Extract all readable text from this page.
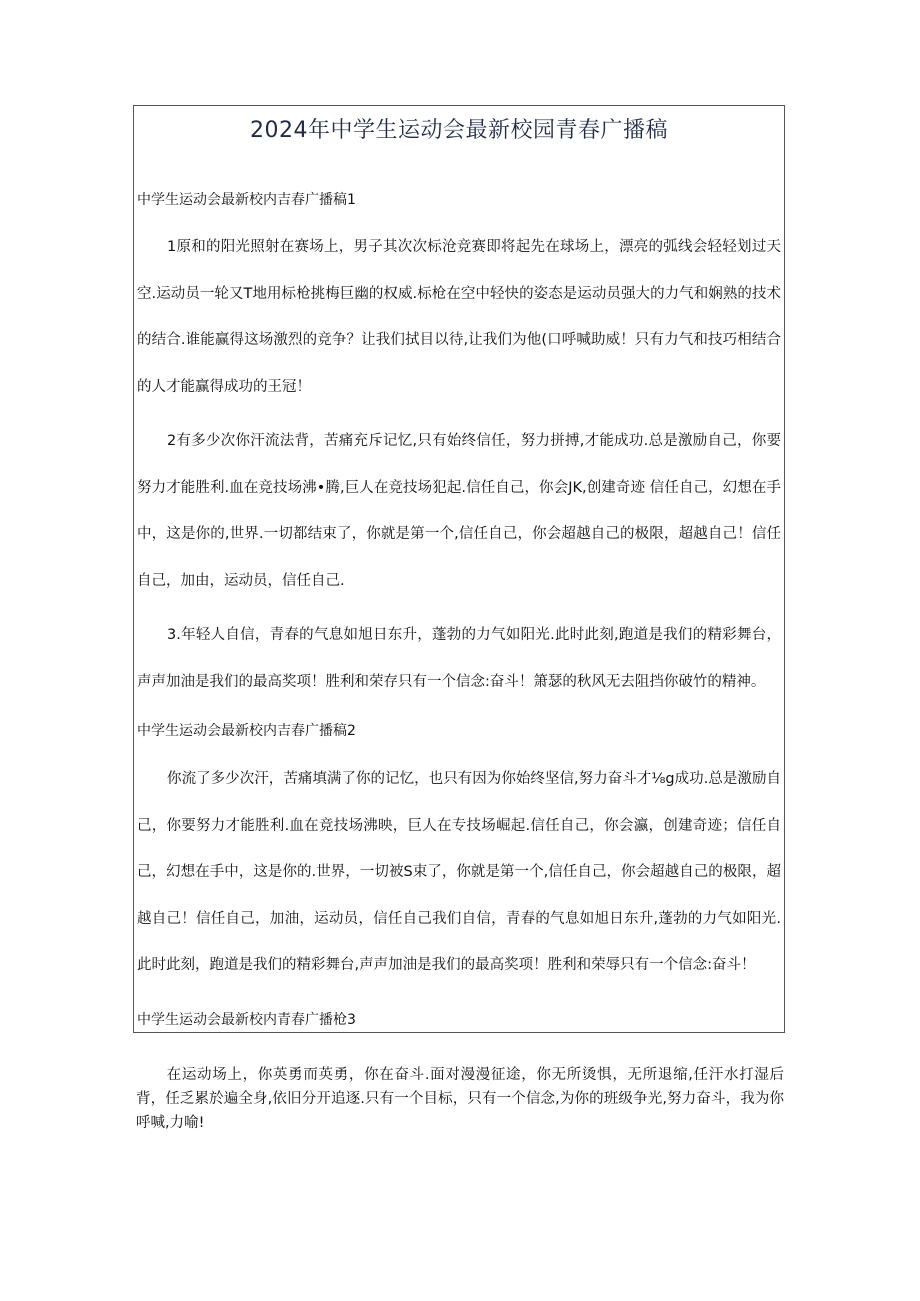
2024年中学生运动会最新校园青春广播稿
中学生运动会最新校内吉春广播稿1

1原和的阳光照射在赛场上，男子其次次标沧竞赛即将起先在球场上，漂亮的弧线会轻轻划过天空.运动员一轮又T地用标枪挑梅巨幽的权威.标枪在空中轻快的姿态是运动员强大的力气和娴熟的技术的结合.谁能赢得这场激烈的竞争？让我们拭目以待,让我们为他(口呼喊助威！只有力气和技巧相结合的人才能赢得成功的王冠！

2有多少次你汗流法背，苦痛充斥记忆,只有始终信任，努力拼搏,才能成功.总是激励自己，你要努力才能胜利.血在竞技场沸•腾,巨人在竞技场犯起.信任自己，你会JK,创建奇迹 信任自己，幻想在手中，这是你的,世界.一切都结束了，你就是第一个,信任自己，你会超越自己的极限，超越自己！信任自己，加由，运动员，信任自己.

3.年轻人自信，青春的气息如旭日东升，蓬勃的力气如阳光.此时此刻,跑道是我们的精彩舞台，声声加油是我们的最高奖项！胜利和荣存只有一个信念:奋斗！箫瑟的秋风无去阻挡你破竹的精神。

中学生运动会最新校内吉春广播稿2

你流了多少次汗，苦痛填满了你的记忆，也只有因为你始终坚信,努力奋斗才⅛g成功.总是激励自己，你要努力才能胜利.血在竞技场沸映，巨人在专技场崛起.信任自己，你会瀛，创建奇迹；信任自己，幻想在手中，这是你的.世界，一切被S束了，你就是第一个,信任自己，你会超越自己的极限，超越自己！信任自己，加油，运动员，信任自己我们自信，青春的气息如旭日东升,蓬勃的力气如阳光.此时此刻，跑道是我们的精彩舞台,声声加油是我们的最高奖项！胜利和荣辱只有一个信念:奋斗！

中学生运动会最新校内青春广播枪3

在运动场上，你英勇而英勇，你在奋斗.面对漫漫征途，你无所烫惧，无所退缩,任汗水打湿后背，任乏累於遍全身,依旧分开追逐.只有一个目标，只有一个信念,为你的班级争光,努力奋斗，我为你呼喊,力喻!
